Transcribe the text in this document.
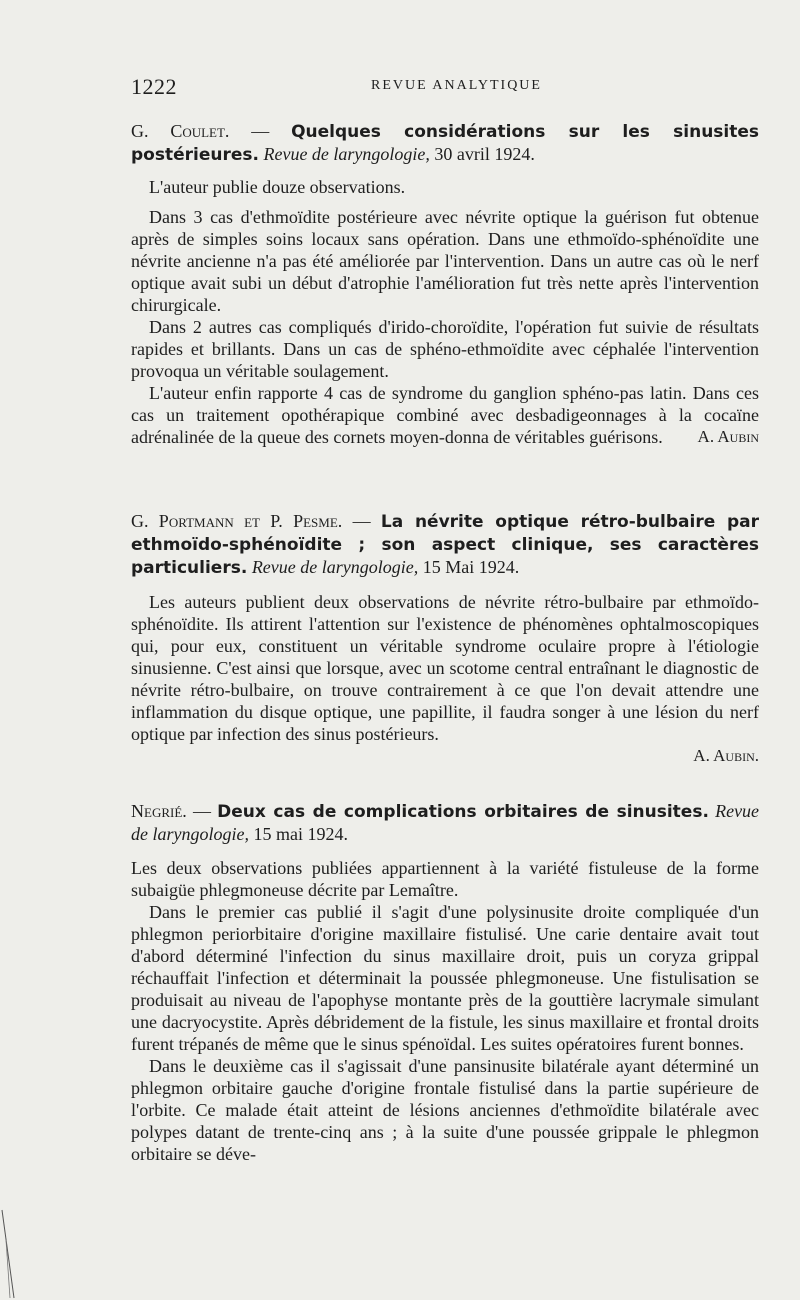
1222	REVUE ANALYTIQUE
G. Coulet. — Quelques considérations sur les sinusites postérieures. Revue de laryngologie, 30 avril 1924.

L'auteur publie douze observations.

Dans 3 cas d'ethmoïdite postérieure avec névrite optique la guérison fut obtenue après de simples soins locaux sans opération. Dans une ethmoïdo-sphénoïdite une névrite ancienne n'a pas été améliorée par l'intervention. Dans un autre cas où le nerf optique avait subi un début d'atrophie l'amélioration fut très nette après l'intervention chirurgicale.

Dans 2 autres cas compliqués d'irido-choroïdite, l'opération fut suivie de résultats rapides et brillants. Dans un cas de sphéno-ethmoïdite avec céphalée l'intervention provoqua un véritable soulagement.

L'auteur enfin rapporte 4 cas de syndrome du ganglion sphéno-pas latin. Dans ces cas un traitement opothérapique combiné avec desbadigeonnages à la cocaïne adrénalinée de la queue des cornets moyen-donna de véritables guérisons.	A. Aubin

G. Portmann et P. Pesme. — La névrite optique rétro-bulbaire par ethmoïdo-sphénoïdite ; son aspect clinique, ses caractères particuliers. Revue de laryngologie, 15 Mai 1924.

Les auteurs publient deux observations de névrite rétro-bulbaire par ethmoïdo-sphénoïdite. Ils attirent l'attention sur l'existence de phénomènes ophtalmoscopiques qui, pour eux, constituent un véritable syndrome oculaire propre à l'étiologie sinusienne. C'est ainsi que lorsque, avec un scotome central entraînant le diagnostic de névrite rétro-bulbaire, on trouve contrairement à ce que l'on devait attendre une inflammation du disque optique, une papillite, il faudra songer à une lésion du nerf optique par infection des sinus postérieurs.

A. Aubin.
Negrié. — Deux cas de complications orbitaires de sinusites. Revue de laryngologie, 15 mai 1924.

Les deux observations publiées appartiennent à la variété fistuleuse de la forme subaigüe phlegmoneuse décrite par Lemaître.

Dans le premier cas publié il s'agit d'une polysinusite droite compliquée d'un phlegmon periorbitaire d'origine maxillaire fistulisé. Une carie dentaire avait tout d'abord déterminé l'infection du sinus maxillaire droit, puis un coryza grippal réchauffait l'infection et déterminait la poussée phlegmoneuse. Une fistulisation se produisait au niveau de l'apophyse montante près de la gouttière lacrymale simulant une dacryocystite. Après débridement de la fistule, les sinus maxillaire et frontal droits furent trépanés de même que le sinus spénoïdal. Les suites opératoires furent bonnes.

Dans le deuxième cas il s'agissait d'une pansinusite bilatérale ayant déterminé un phlegmon orbitaire gauche d'origine frontale fistulisé dans la partie supérieure de l'orbite. Ce malade était atteint de lésions anciennes d'ethmoïdite bilatérale avec polypes datant de trente-cinq ans ; à la suite d'une poussée grippale le phlegmon orbitaire se déve-
